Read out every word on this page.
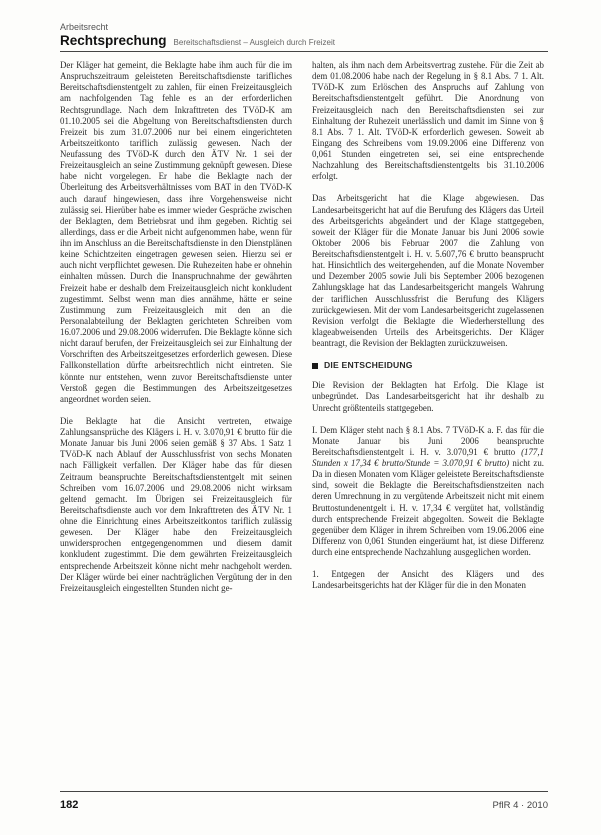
Arbeitsrecht
Rechtsprechung Bereitschaftsdienst – Ausgleich durch Freizeit

Der Kläger hat gemeint, die Beklagte habe ihm auch für die im Anspruchszeitraum geleisteten Bereitschaftsdienste tarifliches Bereitschaftsdienstentgelt zu zahlen, für einen Freizeitausgleich am nachfolgenden Tag fehle es an der erforderlichen Rechtsgrundlage. Nach dem Inkrafttreten des TVöD-K am 01.10.2005 sei die Abgeltung von Bereitschaftsdiensten durch Freizeit bis zum 31.07.2006 nur bei einem eingerichteten Arbeitszeitkonto tariflich zulässig gewesen. Nach der Neufassung des TVöD-K durch den ÄTV Nr. 1 sei der Freizeitausgleich an seine Zustimmung geknüpft gewesen. Diese habe nicht vorgelegen. Er habe die Beklagte nach der Überleitung des Arbeitsverhältnisses vom BAT in den TVöD-K auch darauf hingewiesen, dass ihre Vorgehensweise nicht zulässig sei. Hierüber habe es immer wieder Gespräche zwischen der Beklagten, dem Betriebsrat und ihm gegeben. Richtig sei allerdings, dass er die Arbeit nicht aufgenommen habe, wenn für ihn im Anschluss an die Bereitschaftsdienste in den Dienstplänen keine Schichtzeiten eingetragen gewesen seien. Hierzu sei er auch nicht verpflichtet gewesen. Die Ruhezeiten habe er ohnehin einhalten müssen. Durch die Inanspruchnahme der gewährten Freizeit habe er deshalb dem Freizeitausgleich nicht konkludent zugestimmt. Selbst wenn man dies annähme, hätte er seine Zustimmung zum Freizeitausgleich mit den an die Personalabteilung der Beklagten gerichteten Schreiben vom 16.07.2006 und 29.08.2006 widerrufen. Die Beklagte könne sich nicht darauf berufen, der Freizeitausgleich sei zur Einhaltung der Vorschriften des Arbeitszeitgesetzes erforderlich gewesen. Diese Fallkonstellation dürfte arbeitsrechtlich nicht eintreten. Sie könnte nur entstehen, wenn zuvor Bereitschaftsdienste unter Verstoß gegen die Bestimmungen des Arbeitszeitgesetzes angeordnet worden seien.

Die Beklagte hat die Ansicht vertreten, etwaige Zahlungsansprüche des Klägers i. H. v. 3.070,91 € brutto für die Monate Januar bis Juni 2006 seien gemäß § 37 Abs. 1 Satz 1 TVöD-K nach Ablauf der Ausschlussfrist von sechs Monaten nach Fälligkeit verfallen. Der Kläger habe das für diesen Zeitraum beanspruchte Bereitschaftsdienstentgelt mit seinen Schreiben vom 16.07.2006 und 29.08.2006 nicht wirksam geltend gemacht. Im Übrigen sei Freizeitausgleich für Bereitschaftsdienste auch vor dem Inkrafttreten des ÄTV Nr. 1 ohne die Einrichtung eines Arbeitszeitkontos tariflich zulässig gewesen. Der Kläger habe den Freizeitausgleich unwidersprochen entgegengenommen und diesem damit konkludent zugestimmt. Die dem gewährten Freizeitausgleich entsprechende Arbeitszeit könne nicht mehr nachgeholt werden. Der Kläger würde bei einer nachträglichen Vergütung der in den Freizeitausgleich eingestellten Stunden nicht ge-

halten, als ihm nach dem Arbeitsvertrag zustehe. Für die Zeit ab dem 01.08.2006 habe nach der Regelung in § 8.1 Abs. 7 1. Alt. TVöD-K zum Erlöschen des Anspruchs auf Zahlung von Bereitschaftsdienstentgelt geführt. Die Anordnung von Freizeitausgleich nach den Bereitschaftsdiensten sei zur Einhaltung der Ruhezeit unerlässlich und damit im Sinne von § 8.1 Abs. 7 1. Alt. TVöD-K erforderlich gewesen. Soweit ab Eingang des Schreibens vom 19.09.2006 eine Differenz von 0,061 Stunden eingetreten sei, sei eine entsprechende Nachzahlung des Bereitschaftsdienstentgelts bis 31.10.2006 erfolgt.

Das Arbeitsgericht hat die Klage abgewiesen. Das Landesarbeitsgericht hat auf die Berufung des Klägers das Urteil des Arbeitsgerichts abgeändert und der Klage stattgegeben, soweit der Kläger für die Monate Januar bis Juni 2006 sowie Oktober 2006 bis Februar 2007 die Zahlung von Bereitschaftsdienstentgelt i. H. v. 5.607,76 € brutto beansprucht hat. Hinsichtlich des weitergehenden, auf die Monate November und Dezember 2005 sowie Juli bis September 2006 bezogenen Zahlungsklage hat das Landesarbeitsgericht mangels Wahrung der tariflichen Ausschlussfrist die Berufung des Klägers zurückgewiesen. Mit der vom Landesarbeitsgericht zugelassenen Revision verfolgt die Beklagte die Wiederherstellung des klageabweisenden Urteils des Arbeitsgerichts. Der Kläger beantragt, die Revision der Beklagten zurückzuweisen.

DIE ENTSCHEIDUNG

Die Revision der Beklagten hat Erfolg. Die Klage ist unbegründet. Das Landesarbeitsgericht hat ihr deshalb zu Unrecht größtenteils stattgegeben.

I. Dem Kläger steht nach § 8.1 Abs. 7 TVöD-K a. F. das für die Monate Januar bis Juni 2006 beanspruchte Bereitschaftsdienstentgelt i. H. v. 3.070,91 € brutto (177,1 Stunden x 17,34 € brutto/Stunde = 3.070,91 € brutto) nicht zu. Da in diesen Monaten vom Kläger geleistete Bereitschaftsdienste sind, soweit die Beklagte die Bereitschaftsdienstzeiten nach deren Umrechnung in zu vergütende Arbeitszeit nicht mit einem Bruttostundenentgelt i. H. v. 17,34 € vergütet hat, vollständig durch entsprechende Freizeit abgegolten. Soweit die Beklagte gegenüber dem Kläger in ihrem Schreiben vom 19.06.2006 eine Differenz von 0,061 Stunden eingeräumt hat, ist diese Differenz durch eine entsprechende Nachzahlung ausgeglichen worden.

1. Entgegen der Ansicht des Klägers und des Landesarbeitsgerichts hat der Kläger für die in den Monaten

182	PflR 4 · 2010
